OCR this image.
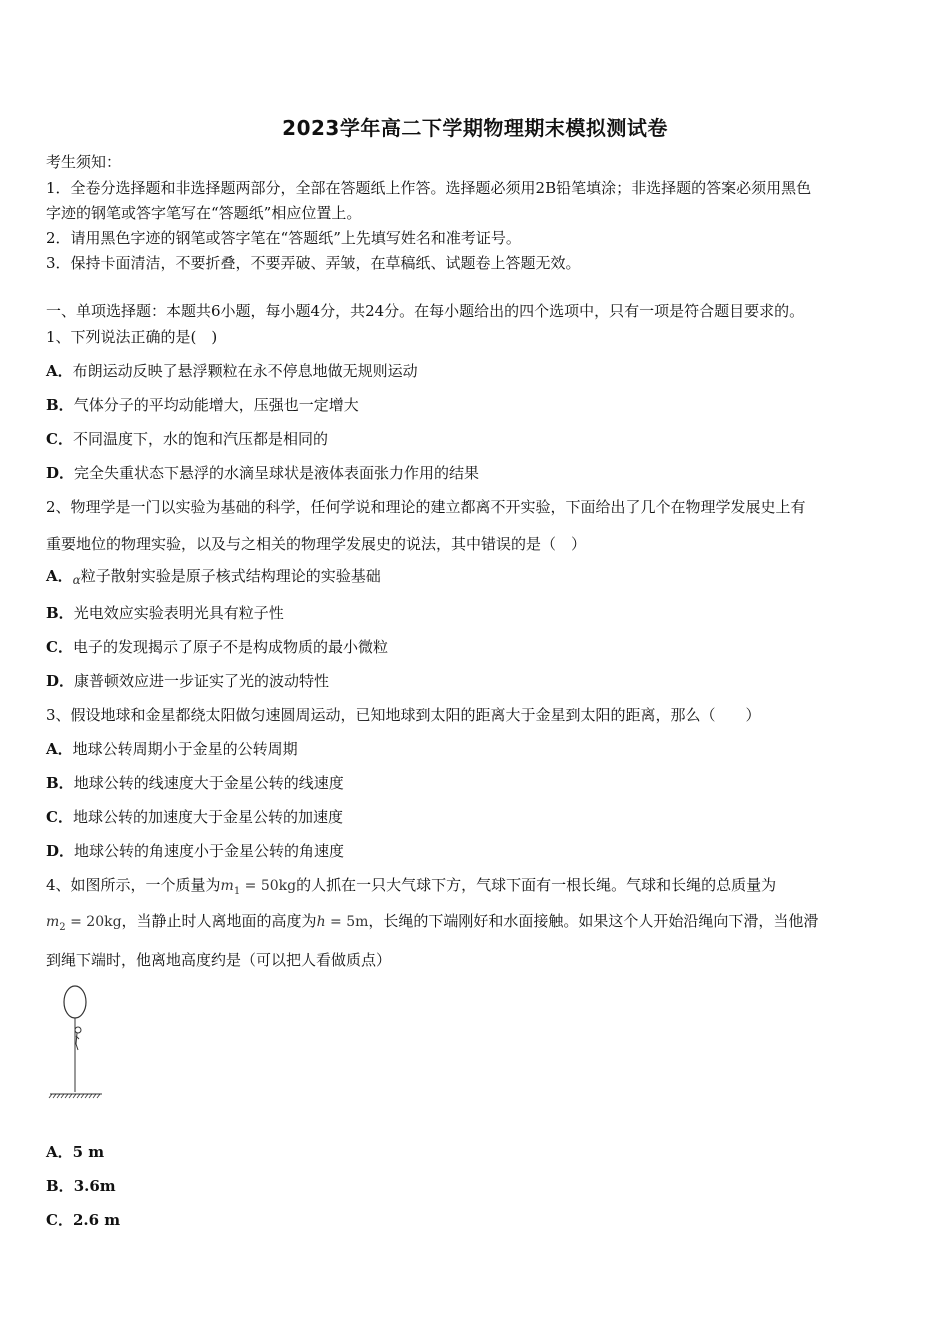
2023学年高二下学期物理期末模拟测试卷
考生须知：
1．全卷分选择题和非选择题两部分，全部在答题纸上作答。选择题必须用2B铅笔填涂；非选择题的答案必须用黑色
字迹的钢笔或答字笔写在“答题纸”相应位置上。
2．请用黑色字迹的钢笔或答字笔在“答题纸”上先填写姓名和准考证号。
3．保持卡面清洁，不要折叠，不要弄破、弄皱，在草稿纸、试题卷上答题无效。
一、单项选择题：本题共6小题，每小题4分，共24分。在每小题给出的四个选项中，只有一项是符合题目要求的。
1、下列说法正确的是(　)
A．布朗运动反映了悬浮颗粒在永不停息地做无规则运动
B．气体分子的平均动能增大，压强也一定增大
C．不同温度下，水的饱和汽压都是相同的
D．完全失重状态下悬浮的水滴呈球状是液体表面张力作用的结果
2、物理学是一门以实验为基础的科学，任何学说和理论的建立都离不开实验，下面给出了几个在物理学发展史上有
重要地位的物理实验，以及与之相关的物理学发展史的说法，其中错误的是（　）
A．$_\alpha$粒子散射实验是原子核式结构理论的实验基础
B．光电效应实验表明光具有粒子性
C．电子的发现揭示了原子不是构成物质的最小微粒
D．康普顿效应进一步证实了光的波动特性
3、假设地球和金星都绕太阳做匀速圆周运动，已知地球到太阳的距离大于金星到太阳的距离，那么（　　）
A．地球公转周期小于金星的公转周期
B．地球公转的线速度大于金星公转的线速度
C．地球公转的加速度大于金星公转的加速度
D．地球公转的角速度小于金星公转的角速度
4、如图所示，一个质量为$m_1 = 50kg$的人抓在一只大气球下方，气球下面有一根长绳。气球和长绳的总质量为
$m_2 = 20kg$，当静止时人离地面的高度为h = 5m，长绳的下端刚好和水面接触。如果这个人开始沿绳向下滑，当他滑
到绳下端时，他离地高度约是（可以把人看做质点）
A．5 m
B．3.6m
C．2.6 m
